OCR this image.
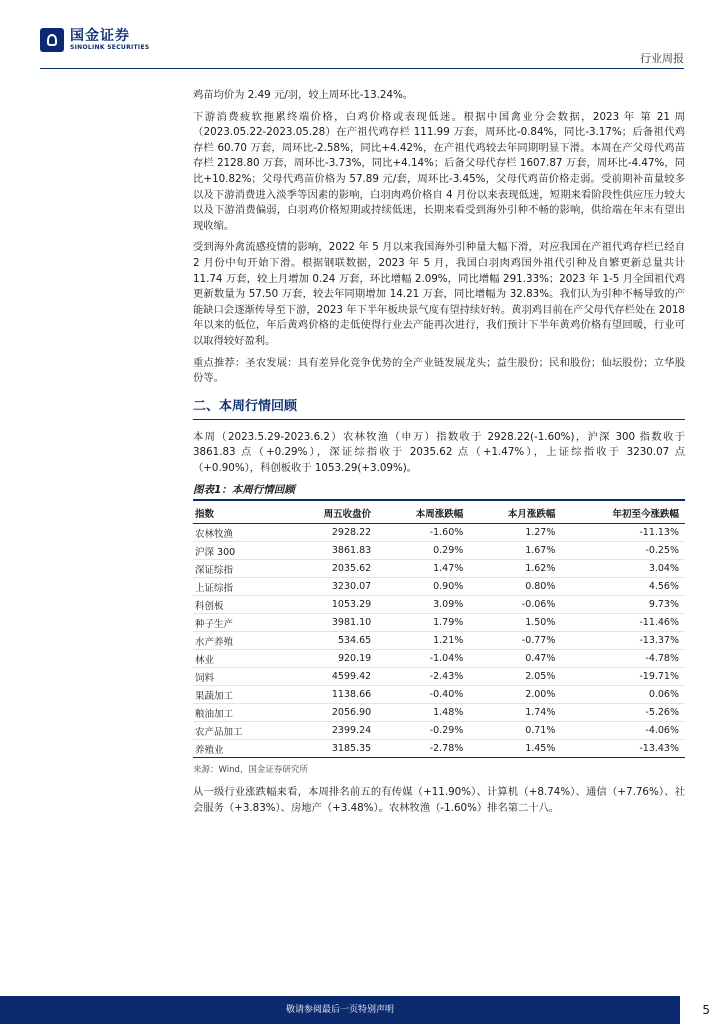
国金证券
SINOLINK SECURITIES
行业周报

鸡苗均价为 2.49 元/羽，较上周环比-13.24%。

下游消费疲软拖累终端价格，白鸡价格或表现低迷。根据中国禽业分会数据，2023 年 第 21 周（2023.05.22-2023.05.28）在产祖代鸡存栏 111.99 万套，周环比-0.84%，同比-3.17%；后备祖代鸡存栏 60.70 万套，周环比-2.58%，同比+4.42%，在产祖代鸡较去年同期明显下滑。本周在产父母代鸡苗存栏 2128.80 万套，周环比-3.73%，同比+4.14%；后备父母代存栏 1607.87 万套，周环比-4.47%，同比+10.82%；父母代鸡苗价格为 57.89 元/套，周环比-3.45%，父母代鸡苗价格走弱。受前期补苗量较多以及下游消费进入淡季等因素的影响，白羽肉鸡价格自 4 月份以来表现低迷，短期来看阶段性供应压力较大以及下游消费偏弱，白羽鸡价格短期或持续低迷，长期来看受到海外引种不畅的影响，供给端在年末有望出现收缩。

受到海外禽流感疫情的影响，2022 年 5 月以来我国海外引种量大幅下滑，对应我国在产祖代鸡存栏已经自 2 月份中旬开始下滑。根据钢联数据，2023 年 5 月，我国白羽肉鸡国外祖代引种及自繁更新总量共计 11.74 万套，较上月增加 0.24 万套，环比增幅 2.09%，同比增幅 291.33%；2023 年 1-5 月全国祖代鸡更新数量为 57.50 万套，较去年同期增加 14.21 万套，同比增幅为 32.83%。我们认为引种不畅导致的产能缺口会逐渐传导至下游，2023 年下半年板块景气度有望持续好转。黄羽鸡目前在产父母代存栏处在 2018 年以来的低位，年后黄鸡价格的走低使得行业去产能再次进行，我们预计下半年黄鸡价格有望回暖，行业可以取得较好盈利。

重点推荐：圣农发展：具有差异化竞争优势的全产业链发展龙头；益生股份；民和股份；仙坛股份；立华股份等。

二、本周行情回顾

本周（2023.5.29-2023.6.2）农林牧渔（申万）指数收于 2928.22(-1.60%)，沪深 300 指数收于 3861.83 点（+0.29%），深证综指收于 2035.62 点（+1.47%），上证综指收于 3230.07 点（+0.90%），科创板收于 1053.29(+3.09%)。

图表1：本周行情回顾
指数	周五收盘价	本周涨跌幅	本月涨跌幅	年初至今涨跌幅
农林牧渔	2928.22	-1.60%	1.27%	-11.13%
沪深 300	3861.83	0.29%	1.67%	-0.25%
深证综指	2035.62	1.47%	1.62%	3.04%
上证综指	3230.07	0.90%	0.80%	4.56%
科创板	1053.29	3.09%	-0.06%	9.73%
种子生产	3981.10	1.79%	1.50%	-11.46%
水产养殖	534.65	1.21%	-0.77%	-13.37%
林业	920.19	-1.04%	0.47%	-4.78%
饲料	4599.42	-2.43%	2.05%	-19.71%
果蔬加工	1138.66	-0.40%	2.00%	0.06%
粮油加工	2056.90	1.48%	1.74%	-5.26%
农产品加工	2399.24	-0.29%	0.71%	-4.06%
养殖业	3185.35	-2.78%	1.45%	-13.43%
来源：Wind，国金证券研究所

从一级行业涨跌幅来看，本周排名前五的有传媒（+11.90%）、计算机（+8.74%）、通信（+7.76%）、社会服务（+3.83%）、房地产（+3.48%）。农林牧渔（-1.60%）排名第二十八。

敬请参阅最后一页特别声明	5
